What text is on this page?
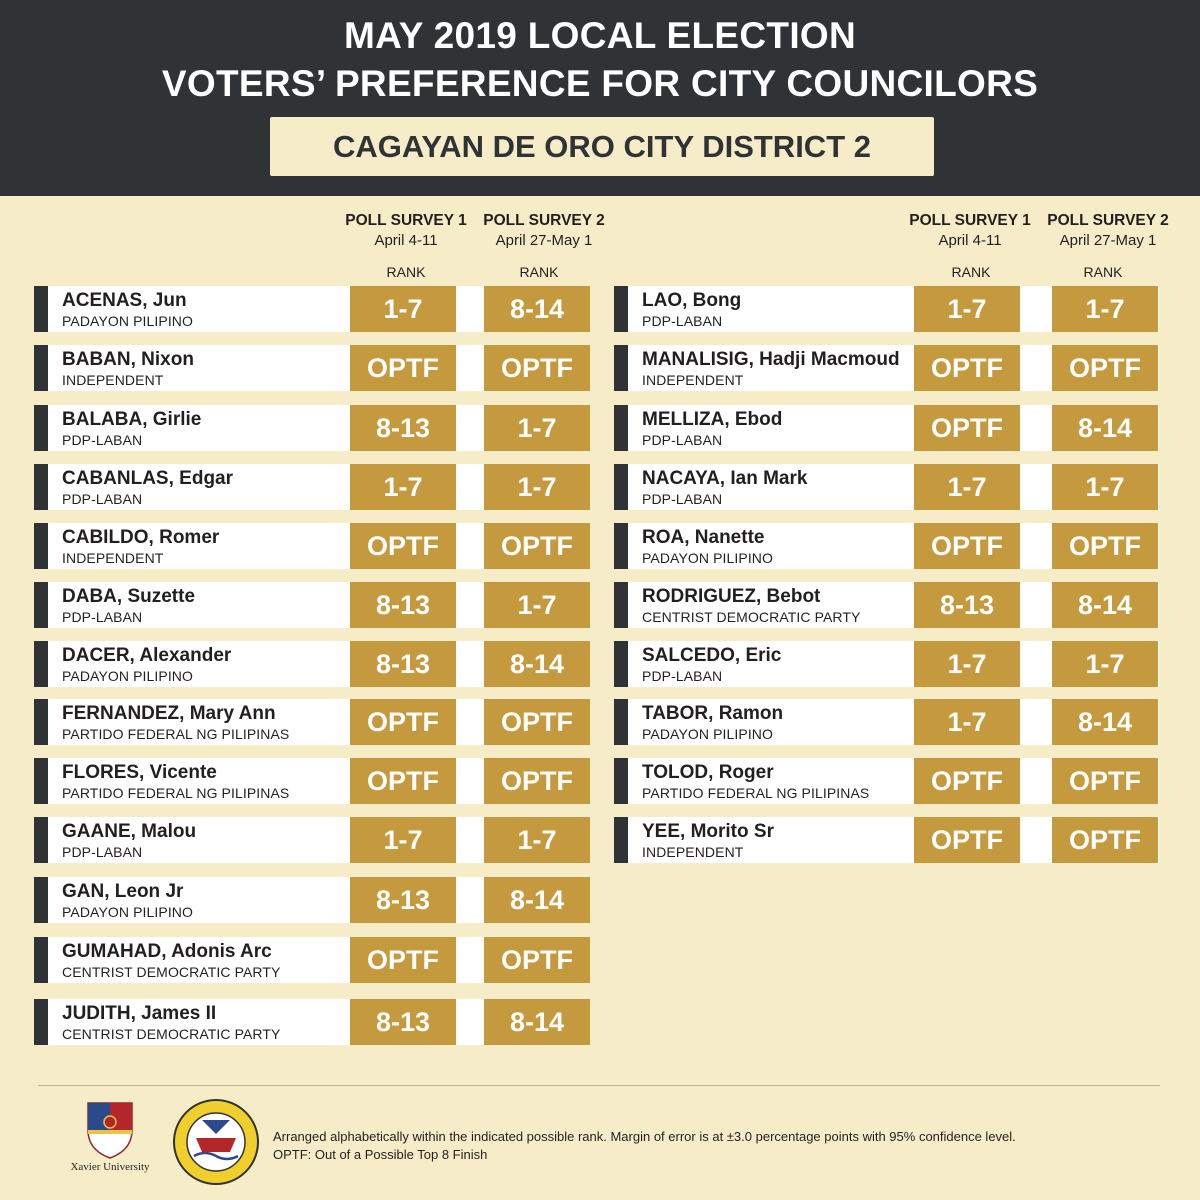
MAY 2019 LOCAL ELECTION
VOTERS’ PREFERENCE FOR CITY COUNCILORS
CAGAYAN DE ORO CITY DISTRICT 2
POLL SURVEY 1
April 4-11
POLL SURVEY 2
April 27-May 1
RANK	RANK
POLL SURVEY 1
April 4-11
POLL SURVEY 2
April 27-May 1
RANK	RANK
ACENAS, Jun
PADAYON PILIPINO	1-7	8-14
BABAN, Nixon
INDEPENDENT	OPTF	OPTF
BALABA, Girlie
PDP-LABAN	8-13	1-7
CABANLAS, Edgar
PDP-LABAN	1-7	1-7
CABILDO, Romer
INDEPENDENT	OPTF	OPTF
DABA, Suzette
PDP-LABAN	8-13	1-7
DACER, Alexander
PADAYON PILIPINO	8-13	8-14
FERNANDEZ, Mary Ann
PARTIDO FEDERAL NG PILIPINAS	OPTF	OPTF
FLORES, Vicente
PARTIDO FEDERAL NG PILIPINAS	OPTF	OPTF
GAANE, Malou
PDP-LABAN	1-7	1-7
GAN, Leon Jr
PADAYON PILIPINO	8-13	8-14
GUMAHAD, Adonis Arc
CENTRIST DEMOCRATIC PARTY	OPTF	OPTF
JUDITH, James II
CENTRIST DEMOCRATIC PARTY	8-13	8-14
LAO, Bong
PDP-LABAN	1-7	1-7
MANALISIG, Hadji Macmoud
INDEPENDENT	OPTF	OPTF
MELLIZA, Ebod
PDP-LABAN	OPTF	8-14
NACAYA, Ian Mark
PDP-LABAN	1-7	1-7
ROA, Nanette
PADAYON PILIPINO	OPTF	OPTF
RODRIGUEZ, Bebot
CENTRIST DEMOCRATIC PARTY	8-13	8-14
SALCEDO, Eric
PDP-LABAN	1-7	1-7
TABOR, Ramon
PADAYON PILIPINO	1-7	8-14
TOLOD, Roger
PARTIDO FEDERAL NG PILIPINAS	OPTF	OPTF
YEE, Morito Sr
INDEPENDENT	OPTF	OPTF
Xavier University
Arranged alphabetically within the indicated possible rank. Margin of error is at ±3.0 percentage points with 95% confidence level.
OPTF: Out of a Possible Top 8 Finish
